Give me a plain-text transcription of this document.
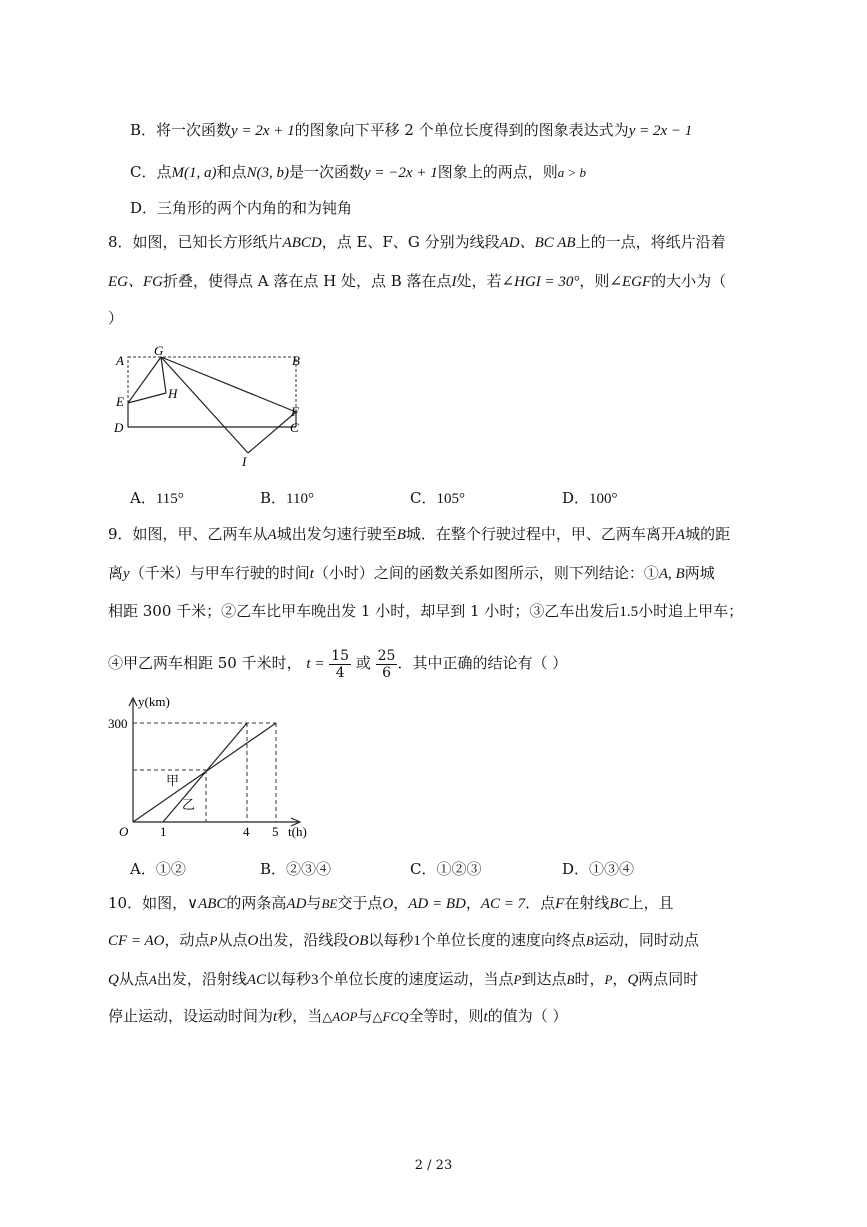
B．将一次函数y = 2x + 1的图象向下平移 2 个单位长度得到的图象表达式为y = 2x − 1
C．点M(1, a)和点N(3, b)是一次函数y = −2x + 1图象上的两点，则a > b
D．三角形的两个内角的和为钝角
8．如图，已知长方形纸片ABCD，点 E、F、G 分别为线段AD、BC AB上的一点，将纸片沿着
EG、FG折叠，使得点 A 落在点 H 处，点 B 落在点I处，若∠HGI = 30°，则∠EGF的大小为（
）
A
G
B
H
E
F
D	C
I
A．115°	B．110°	C．105°	D．100°
9．如图，甲、乙两车从A城出发匀速行驶至B城．在整个行驶过程中，甲、乙两车离开A城的距
离y（千米）与甲车行驶的时间t（小时）之间的函数关系如图所示，则下列结论：①A, B两城
相距 300 千米；②乙车比甲车晚出发 1 小时，却早到 1 小时；③乙车出发后1.5小时追上甲车；
④甲乙两车相距 50 千米时， $t = \frac{15}{4}$ 或 $\frac{25}{6}$ ．其中正确的结论有（ ）
y(km)
300
O 1	4 5 t(h)
甲
乙
A．①②	B．②③④	C．①②③	D．①③④
10．如图，∨ABC的两条高AD与BE交于点O，AD = BD，AC = 7．点F在射线BC上，且
CF = AO，动点P从点O出发，沿线段OB以每秒1个单位长度的速度向终点B运动，同时动点
Q从点A出发，沿射线AC以每秒3个单位长度的速度运动，当点P到达点B时，P，Q两点同时
停止运动，设运动时间为t秒，当△AOP与△FCQ全等时，则t的值为（ ）
2 / 23
